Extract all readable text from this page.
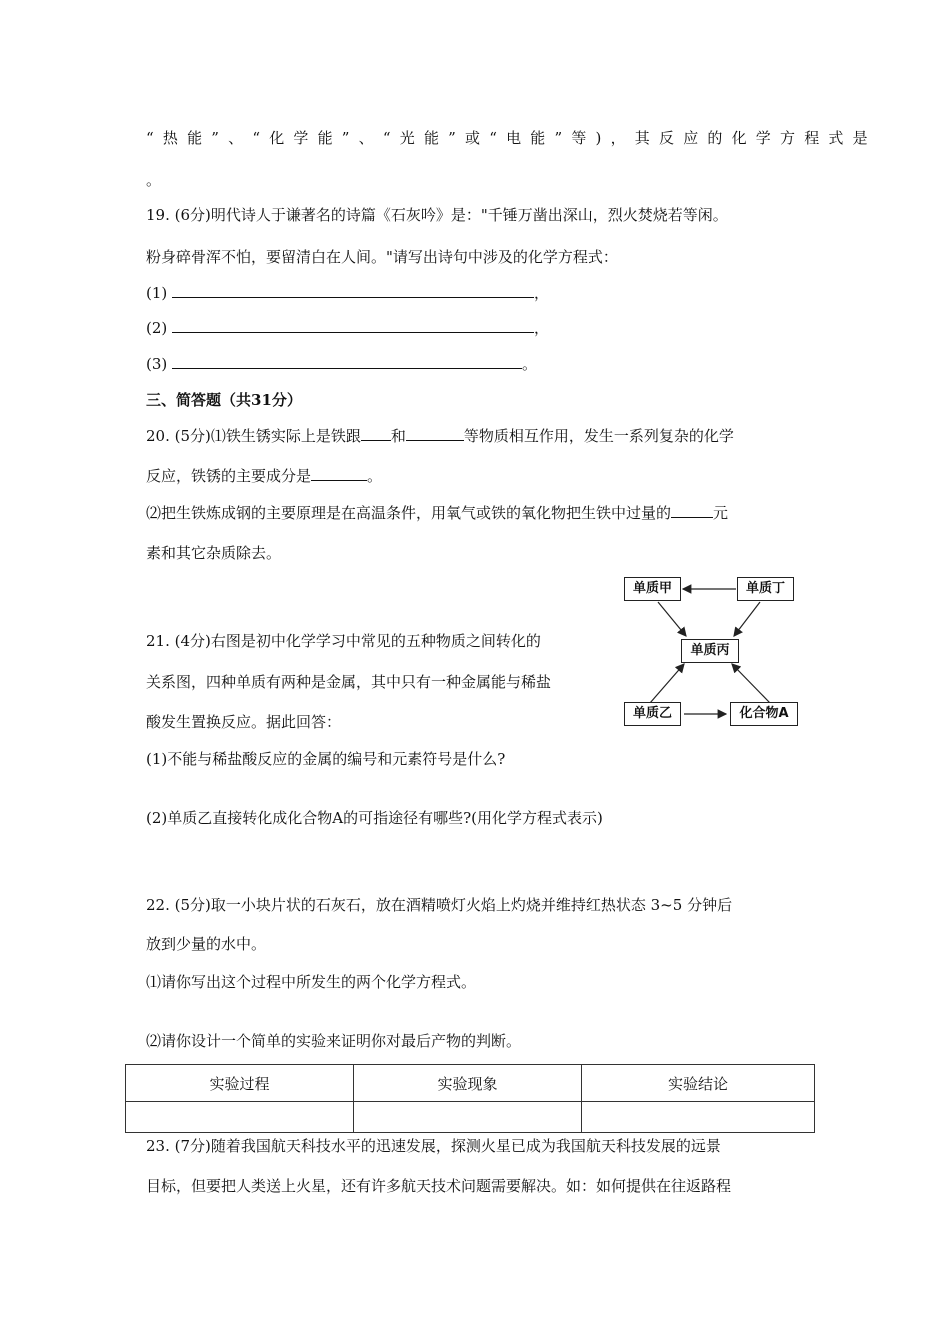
“热能”、“化学能”、“光能”或“电能”等)，其反应的化学方程式是
。
19. (6分)明代诗人于谦著名的诗篇《石灰吟》是："千锤万凿出深山，烈火焚烧若等闲。
粉身碎骨浑不怕，要留清白在人间。"请写出诗句中涉及的化学方程式：
(1)	，
(2)	，
(3)	。
三、简答题（共31分）
20. (5分)⑴铁生锈实际上是铁跟 和	等物质相互作用，发生一系列复杂的化学
反应，铁锈的主要成分是	。
⑵把生铁炼成钢的主要原理是在高温条件，用氧气或铁的氧化物把生铁中过量的	元
素和其它杂质除去。
21. (4分)右图是初中化学学习中常见的五种物质之间转化的
关系图，四种单质有两种是金属，其中只有一种金属能与稀盐
酸发生置换反应。据此回答：
(1)不能与稀盐酸反应的金属的编号和元素符号是什么?
(2)单质乙直接转化成化合物A的可指途径有哪些?(用化学方程式表示)
单质甲	单质丁
单质丙
单质乙	化合物A
22. (5分)取一小块片状的石灰石，放在酒精喷灯火焰上灼烧并维持红热状态 3~5 分钟后
放到少量的水中。
⑴请你写出这个过程中所发生的两个化学方程式。
⑵请你设计一个简单的实验来证明你对最后产物的判断。
实验过程	实验现象	实验结论

23. (7分)随着我国航天科技水平的迅速发展，探测火星已成为我国航天科技发展的远景
目标，但要把人类送上火星，还有许多航天技术问题需要解决。如：如何提供在往返路程
